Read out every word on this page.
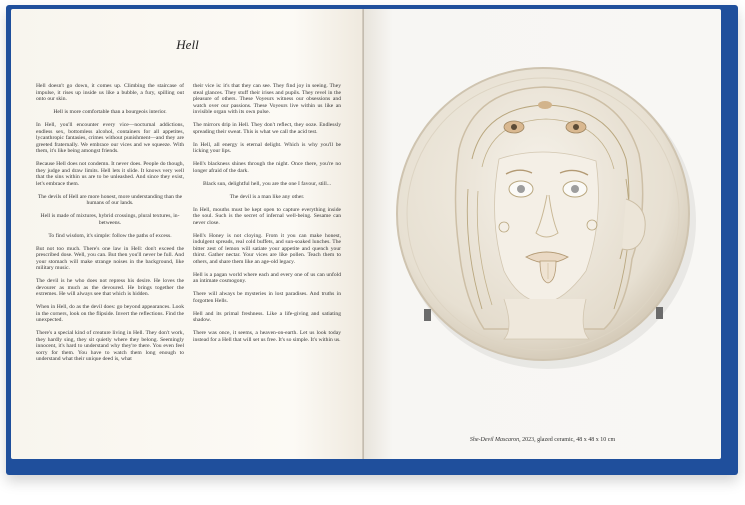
Hell

Hell doesn't go down, it comes up. Climbing the staircase of impulse, it rises up inside us like a bubble, a fury, spilling out onto our skin.

Hell is more comfortable than a bourgeois interior.

In Hell, you'll encounter every vice—nocturnal addictions, endless sex, bottomless alcohol, containers for all appetites, lycanthropic fantasies, crimes without punishment—and they are greeted fraternally. We embrace our vices and we squeeze. With them, it's like being amongst friends.

Because Hell does not condemn. It never does. People do though, they judge and draw limits. Hell lets it slide. It knows very well that the sins within us are to be unleashed. And since they exist, let's embrace them.

The devils of Hell are more honest, more understanding than the humans of our lands.

Hell is made of mixtures, hybrid crossings, plural textures, in-betweens.

To find wisdom, it's simple: follow the paths of excess.

But not too much. There's one law in Hell: don't exceed the prescribed dose. Well, you can. But then you'll never be full. And your stomach will make strange noises in the background, like military music.

The devil is he who does not repress his desire. He loves the devourer as much as the devoured. He brings together the extremes. He will always see that which is hidden.

When in Hell, do as the devil does: go beyond appearances. Look in the corners, look on the flipside. Invert the reflections. Find the unexpected.

There's a special kind of creature living in Hell. They don't work, they hardly sing, they sit quietly where they belong. Seemingly innocent, it's hard to understand why they're there. You even feel sorry for them. You have to watch them long enough to understand what their unique deed is, what

their vice is: it's that they can see. They find joy in seeing. They steal glances. They stuff their irises and pupils. They revel in the pleasure of others. These Voyeurs witness our obsessions and watch over our passions. These Voyeurs live within us like an invisible organ with its own pulse.

The mirrors drip in Hell. They don't reflect, they ooze. Endlessly spreading their sweat. This is what we call the acid test.

In Hell, all energy is eternal delight. Which is why you'll be licking your lips.

Hell's blackness shines through the night. Once there, you're no longer afraid of the dark.

Black sun, delightful hell, you are the one I favour, still...

The devil is a man like any other.

In Hell, mouths must be kept open to capture everything inside the soul. Such is the secret of infernal well-being. Sesame can never close.

Hell's Honey is not cloying. From it you can make honest, indulgent spreads, real cold buffets, and sun-soaked lunches. The bitter zest of lemon will satiate your appetite and quench your thirst. Gather nectar. Your vices are like pollen. Teach them to others, and share them like an age-old legacy.

Hell is a pagan world where each and every one of us can unfold an intimate cosmogony.

There will always be mysteries in lost paradises. And truths in forgotten Hells.

Hell and its primal freshness. Like a life-giving and satiating shadow.

There was once, it seems, a heaven-on-earth. Let us look today instead for a Hell that will set us free. It's so simple. It's within us.

She-Devil Mascaron, 2023, glazed ceramic, 48 x 48 x 10 cm
